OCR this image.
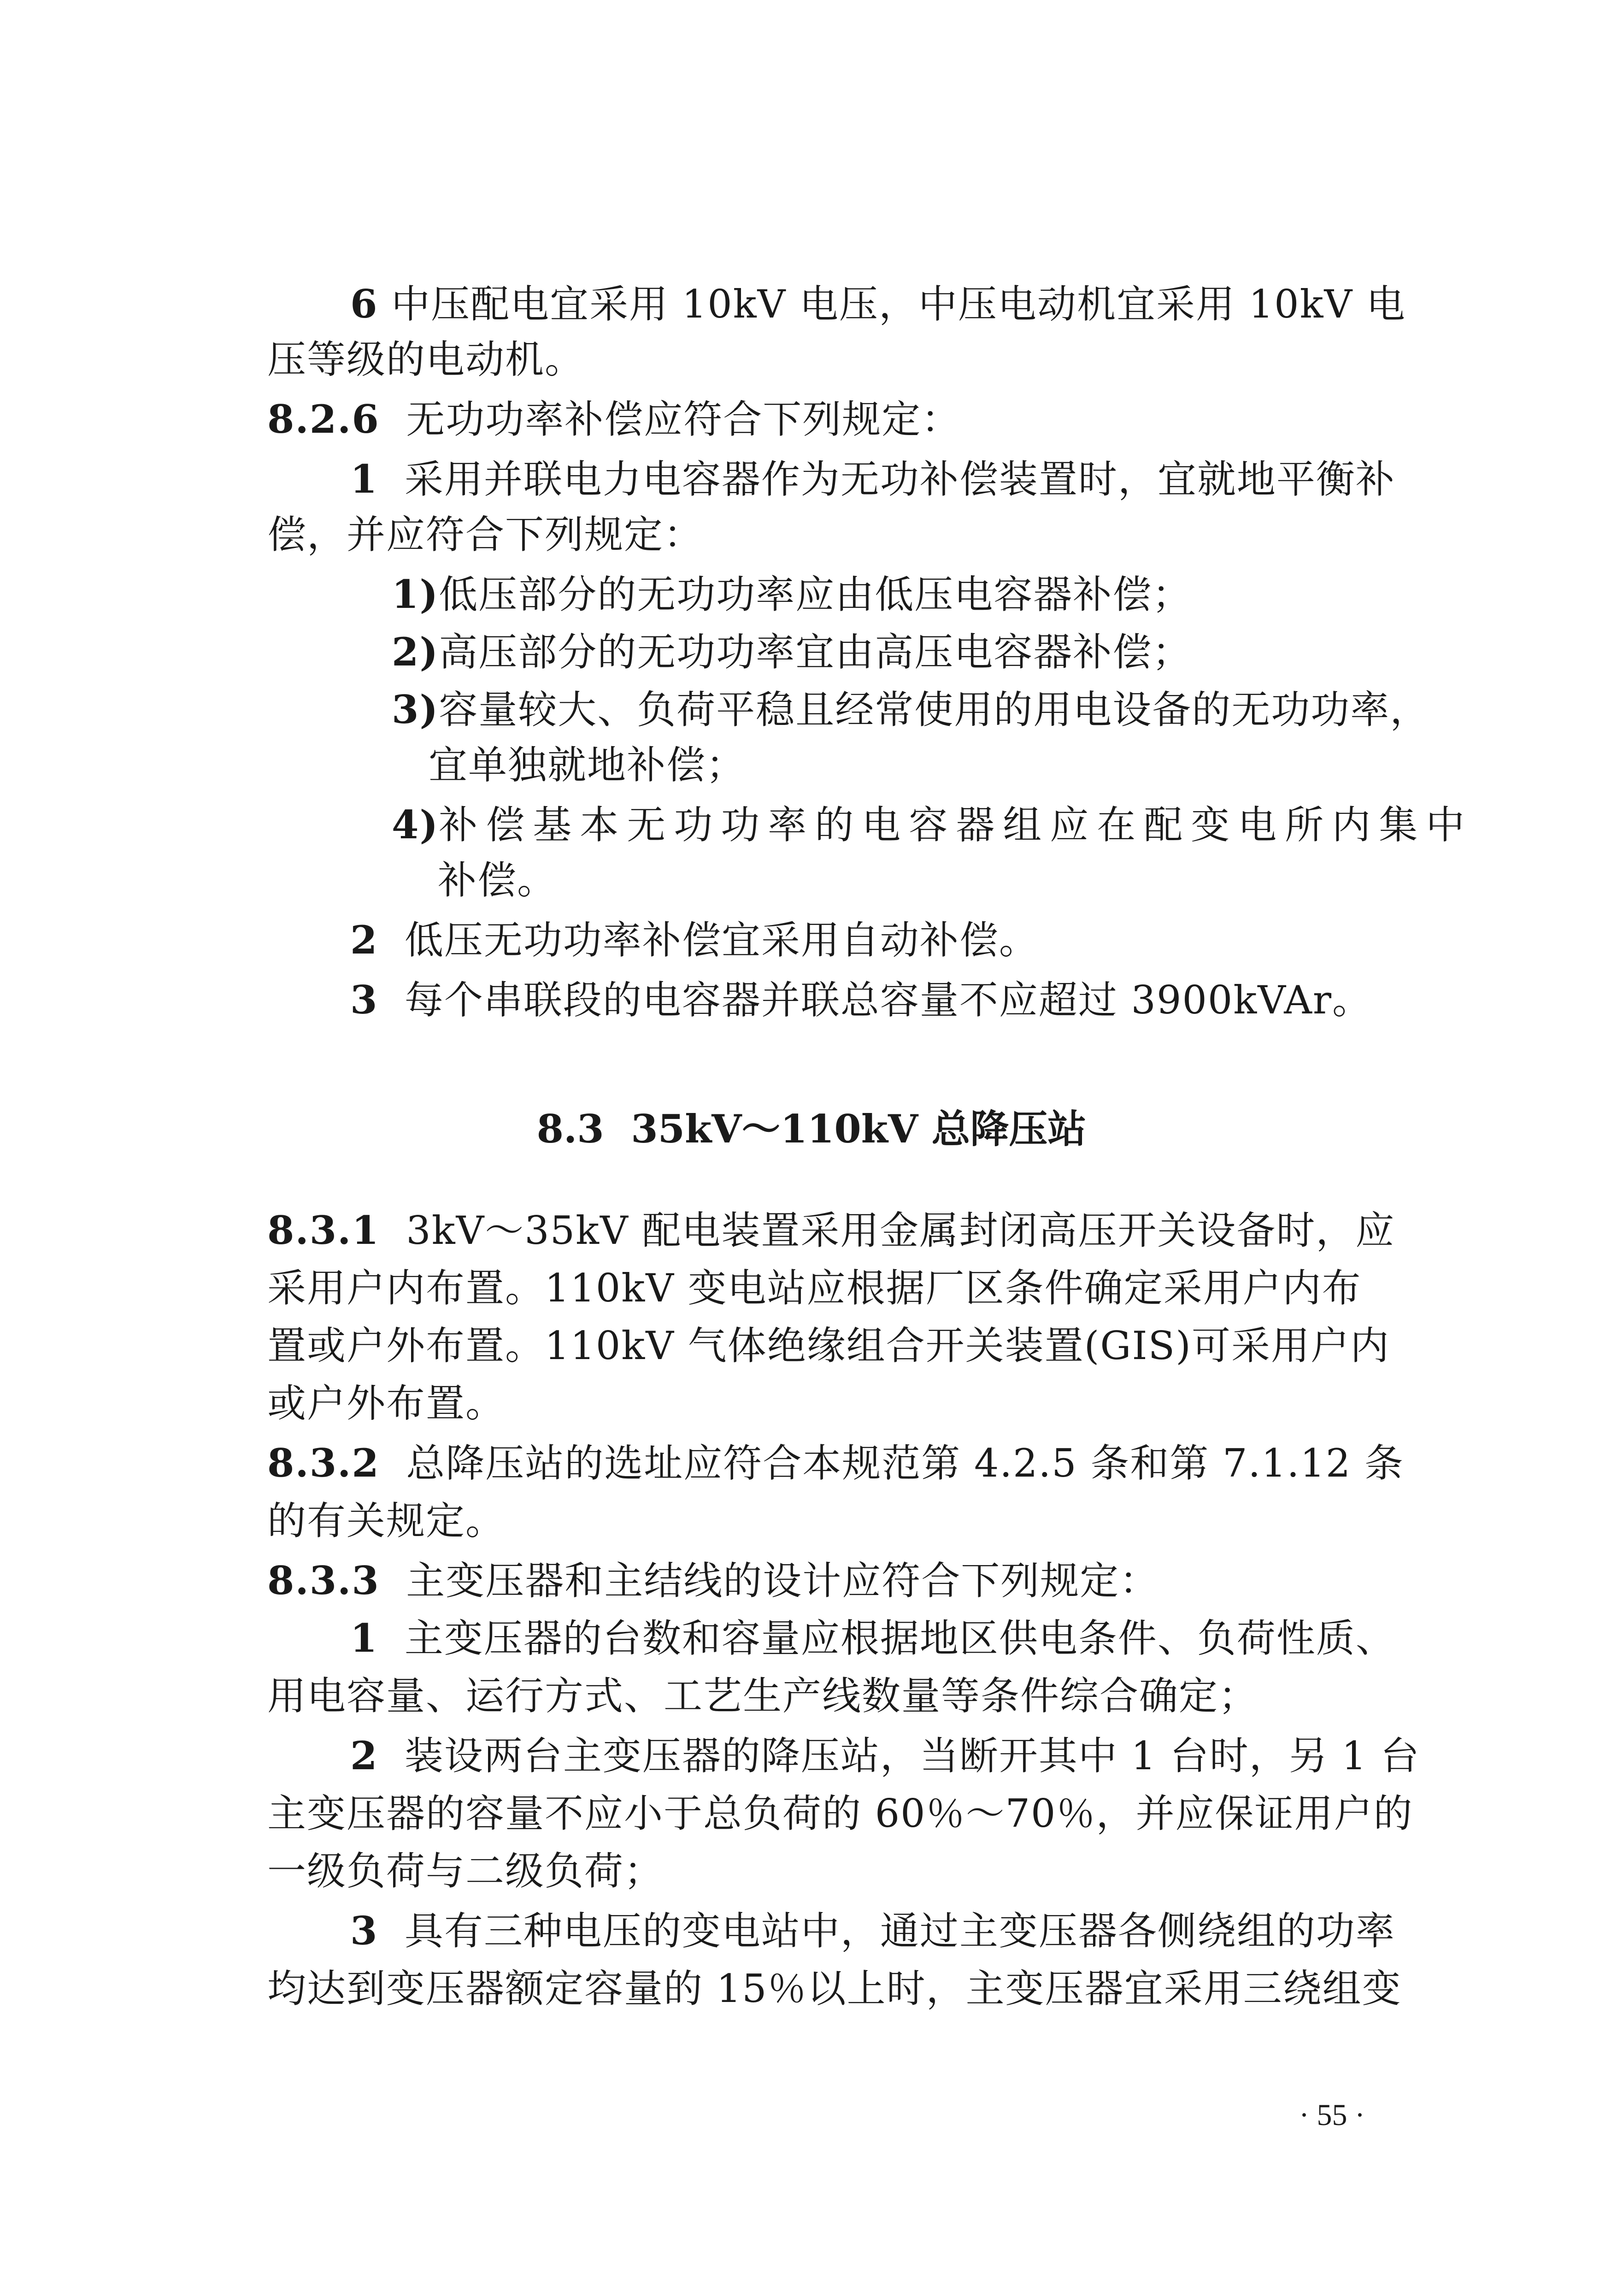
6 中压配电宜采用 10kV 电压，中压电动机宜采用 10kV 电
压等级的电动机。
8.2.6  无功功率补偿应符合下列规定：
1  采用并联电力电容器作为无功补偿装置时，宜就地平衡补
偿，并应符合下列规定：
1)低压部分的无功功率应由低压电容器补偿；
2)高压部分的无功功率宜由高压电容器补偿；
3)容量较大、负荷平稳且经常使用的用电设备的无功功率，
宜单独就地补偿；
4)补偿基本无功功率的电容器组应在配变电所内集中
补偿。
2  低压无功功率补偿宜采用自动补偿。
3  每个串联段的电容器并联总容量不应超过 3900kVAr。
8.3  35kV～110kV 总降压站
8.3.1  3kV～35kV 配电装置采用金属封闭高压开关设备时，应
采用户内布置。110kV 变电站应根据厂区条件确定采用户内布
置或户外布置。110kV 气体绝缘组合开关装置(GIS)可采用户内
或户外布置。
8.3.2  总降压站的选址应符合本规范第 4.2.5 条和第 7.1.12 条
的有关规定。
8.3.3  主变压器和主结线的设计应符合下列规定：
1  主变压器的台数和容量应根据地区供电条件、负荷性质、
用电容量、运行方式、工艺生产线数量等条件综合确定；
2  装设两台主变压器的降压站，当断开其中 1 台时，另 1 台
主变压器的容量不应小于总负荷的 60％～70％，并应保证用户的
一级负荷与二级负荷；
3  具有三种电压的变电站中，通过主变压器各侧绕组的功率
均达到变压器额定容量的 15％以上时，主变压器宜采用三绕组变
· 55 ·
